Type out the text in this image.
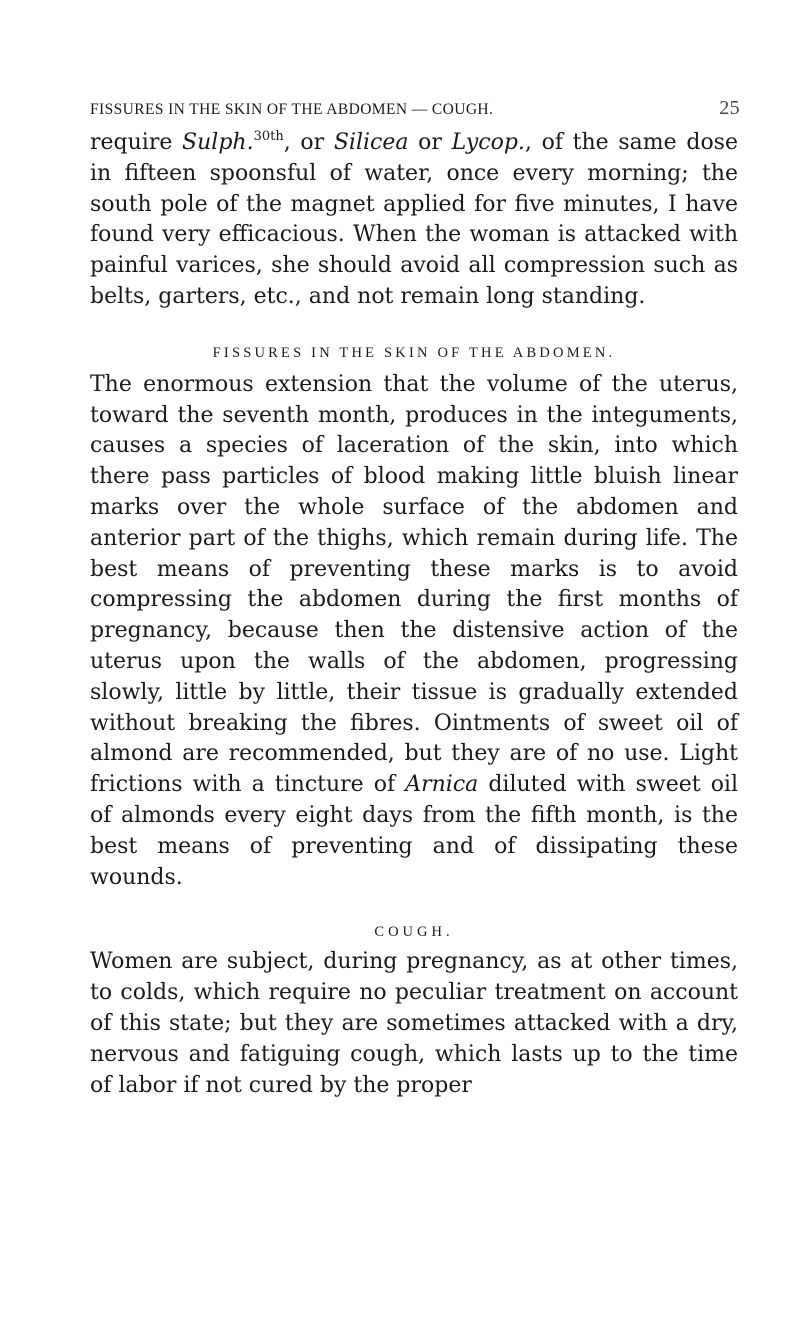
FISSURES IN THE SKIN OF THE ABDOMEN — COUGH.	25

require Sulph.$^{30th}$, or Silicea or Lycop., of the same dose in fifteen spoonsful of water, once every morning; the south pole of the magnet applied for five minutes, I have found very efficacious. When the woman is attacked with painful varices, she should avoid all compression such as belts, garters, etc., and not remain long standing.

FISSURES IN THE SKIN OF THE ABDOMEN.

The enormous extension that the volume of the uterus, toward the seventh month, produces in the integuments, causes a species of laceration of the skin, into which there pass particles of blood making little bluish linear marks over the whole surface of the abdomen and anterior part of the thighs, which remain during life. The best means of preventing these marks is to avoid compressing the abdomen during the first months of pregnancy, because then the distensive action of the uterus upon the walls of the abdomen, progressing slowly, little by little, their tissue is gradually extended without breaking the fibres. Ointments of sweet oil of almond are recommended, but they are of no use. Light frictions with a tincture of Arnica diluted with sweet oil of almonds every eight days from the fifth month, is the best means of preventing and of dissipating these wounds.

COUGH.

Women are subject, during pregnancy, as at other times, to colds, which require no peculiar treatment on account of this state; but they are sometimes attacked with a dry, nervous and fatiguing cough, which lasts up to the time of labor if not cured by the proper
